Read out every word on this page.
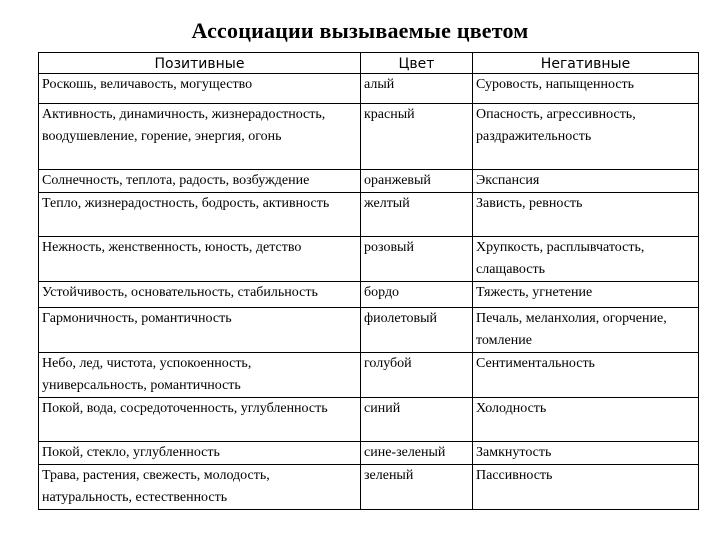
Ассоциации вызываемые цветом
Позитивные	Цвет	Негативные
Роскошь, величавость, могущество	алый	Суровость, напыщенность
Активность, динамичность, жизнерадостность, воодушевление, горение, энергия, огонь	красный	Опасность, агрессивность, раздражительность
Солнечность, теплота, радость, возбуждение	оранжевый	Экспансия
Тепло, жизнерадостность, бодрость, активность	желтый	Зависть, ревность
Нежность, женственность, юность, детство	розовый	Хрупкость, расплывчатость, слащавость
Устойчивость, основательность, стабильность	бордо	Тяжесть, угнетение
Гармоничность, романтичность	фиолетовый	Печаль, меланхолия, огорчение, томление
Небо, лед, чистота, успокоенность, универсальность, романтичность	голубой	Сентиментальность
Покой, вода, сосредоточенность, углубленность	синий	Холодность
Покой, стекло, углубленность	сине-зеленый	Замкнутость
Трава, растения, свежесть, молодость, натуральность, естественность	зеленый	Пассивность
